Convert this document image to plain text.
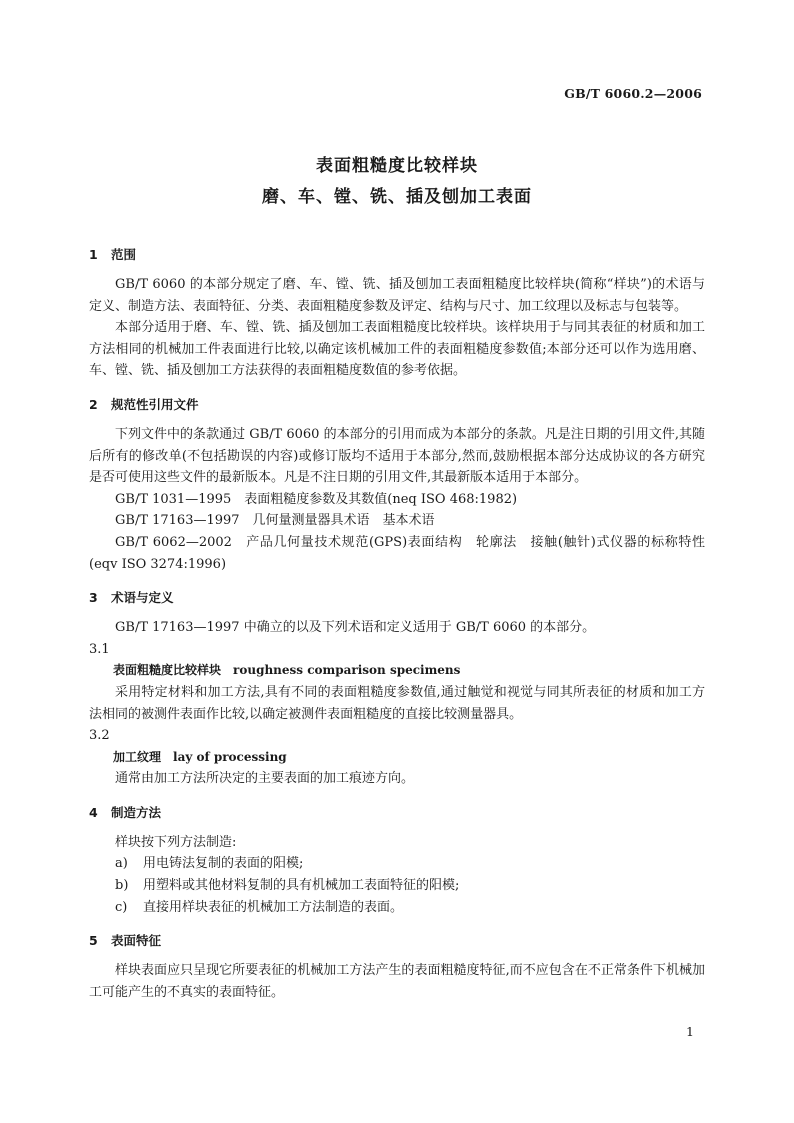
GB/T 6060.2—2006
表面粗糙度比较样块
磨、车、镗、铣、插及刨加工表面
1 范围
GB/T 6060 的本部分规定了磨、车、镗、铣、插及刨加工表面粗糙度比较样块(简称“样块”)的术语与定义、制造方法、表面特征、分类、表面粗糙度参数及评定、结构与尺寸、加工纹理以及标志与包装等。
本部分适用于磨、车、镗、铣、插及刨加工表面粗糙度比较样块。该样块用于与同其表征的材质和加工方法相同的机械加工件表面进行比较,以确定该机械加工件的表面粗糙度参数值;本部分还可以作为选用磨、车、镗、铣、插及刨加工方法获得的表面粗糙度数值的参考依据。
2 规范性引用文件
下列文件中的条款通过 GB/T 6060 的本部分的引用而成为本部分的条款。凡是注日期的引用文件,其随后所有的修改单(不包括勘误的内容)或修订版均不适用于本部分,然而,鼓励根据本部分达成协议的各方研究是否可使用这些文件的最新版本。凡是不注日期的引用文件,其最新版本适用于本部分。
GB/T 1031—1995　表面粗糙度参数及其数值(neq ISO 468:1982)
GB/T 17163—1997　几何量测量器具术语　基本术语
GB/T 6062—2002　产品几何量技术规范(GPS)表面结构　轮廓法　接触(触针)式仪器的标称特性(eqv ISO 3274:1996)
3 术语与定义
GB/T 17163—1997 中确立的以及下列术语和定义适用于 GB/T 6060 的本部分。
3.1
表面粗糙度比较样块 roughness comparison specimens
采用特定材料和加工方法,具有不同的表面粗糙度参数值,通过触觉和视觉与同其所表征的材质和加工方法相同的被测件表面作比较,以确定被测件表面粗糙度的直接比较测量器具。
3.2
加工纹理 lay of processing
通常由加工方法所决定的主要表面的加工痕迹方向。
4 制造方法
样块按下列方法制造:
a) 用电铸法复制的表面的阳模;
b) 用塑料或其他材料复制的具有机械加工表面特征的阳模;
c) 直接用样块表征的机械加工方法制造的表面。
5 表面特征
样块表面应只呈现它所要表征的机械加工方法产生的表面粗糙度特征,而不应包含在不正常条件下机械加工可能产生的不真实的表面特征。
1
